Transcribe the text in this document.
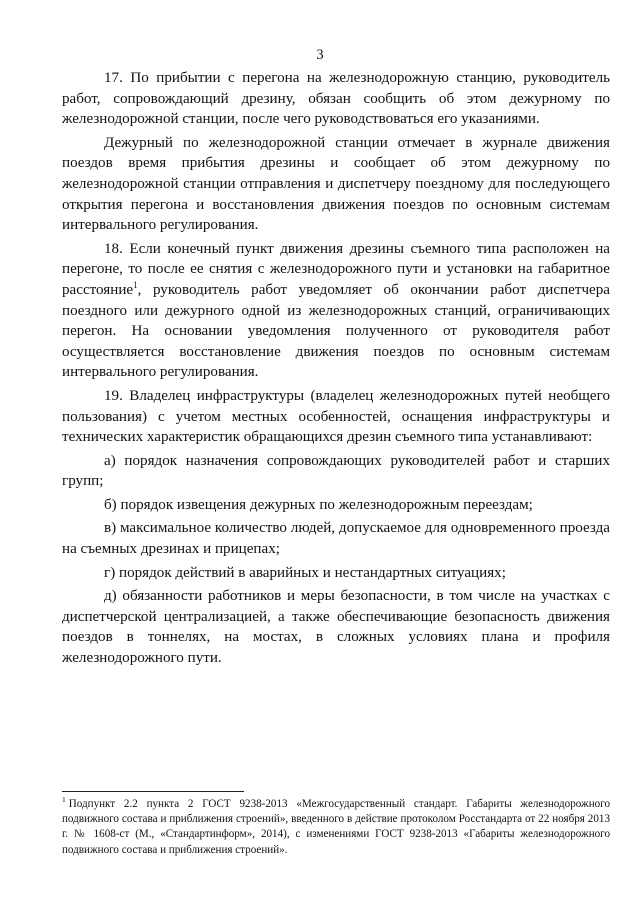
3

17. По прибытии с перегона на железнодорожную станцию, руководитель работ, сопровождающий дрезину, обязан сообщить об этом дежурному по железнодорожной станции, после чего руководствоваться его указаниями.

Дежурный по железнодорожной станции отмечает в журнале движения поездов время прибытия дрезины и сообщает об этом дежурному по железнодорожной станции отправления и диспетчеру поездному для последующего открытия перегона и восстановления движения поездов по основным системам интервального регулирования.

18. Если конечный пункт движения дрезины съемного типа расположен на перегоне, то после ее снятия с железнодорожного пути и установки на габаритное расстояние$^1$, руководитель работ уведомляет об окончании работ диспетчера поездного или дежурного одной из железнодорожных станций, ограничивающих перегон. На основании уведомления полученного от руководителя работ осуществляется восстановление движения поездов по основным системам интервального регулирования.

19. Владелец инфраструктуры (владелец железнодорожных путей необщего пользования) с учетом местных особенностей, оснащения инфраструктуры и технических характеристик обращающихся дрезин съемного типа устанавливают:

а) порядок назначения сопровождающих руководителей работ и старших групп;

б) порядок извещения дежурных по железнодорожным переездам;

в) максимальное количество людей, допускаемое для одновременного проезда на съемных дрезинах и прицепах;

г) порядок действий в аварийных и нестандартных ситуациях;

д) обязанности работников и меры безопасности, в том числе на участках с диспетчерской централизацией, а также обеспечивающие безопасность движения поездов в тоннелях, на мостах, в сложных условиях плана и профиля железнодорожного пути.

$^1$ Подпункт 2.2 пункта 2 ГОСТ 9238-2013 «Межгосударственный стандарт. Габариты железнодорожного подвижного состава и приближения строений», введенного в действие протоколом Росстандарта от 22 ноября 2013 г. № 1608-ст (М., «Стандартинформ», 2014), с изменениями ГОСТ 9238-2013 «Габариты железнодорожного подвижного состава и приближения строений».
